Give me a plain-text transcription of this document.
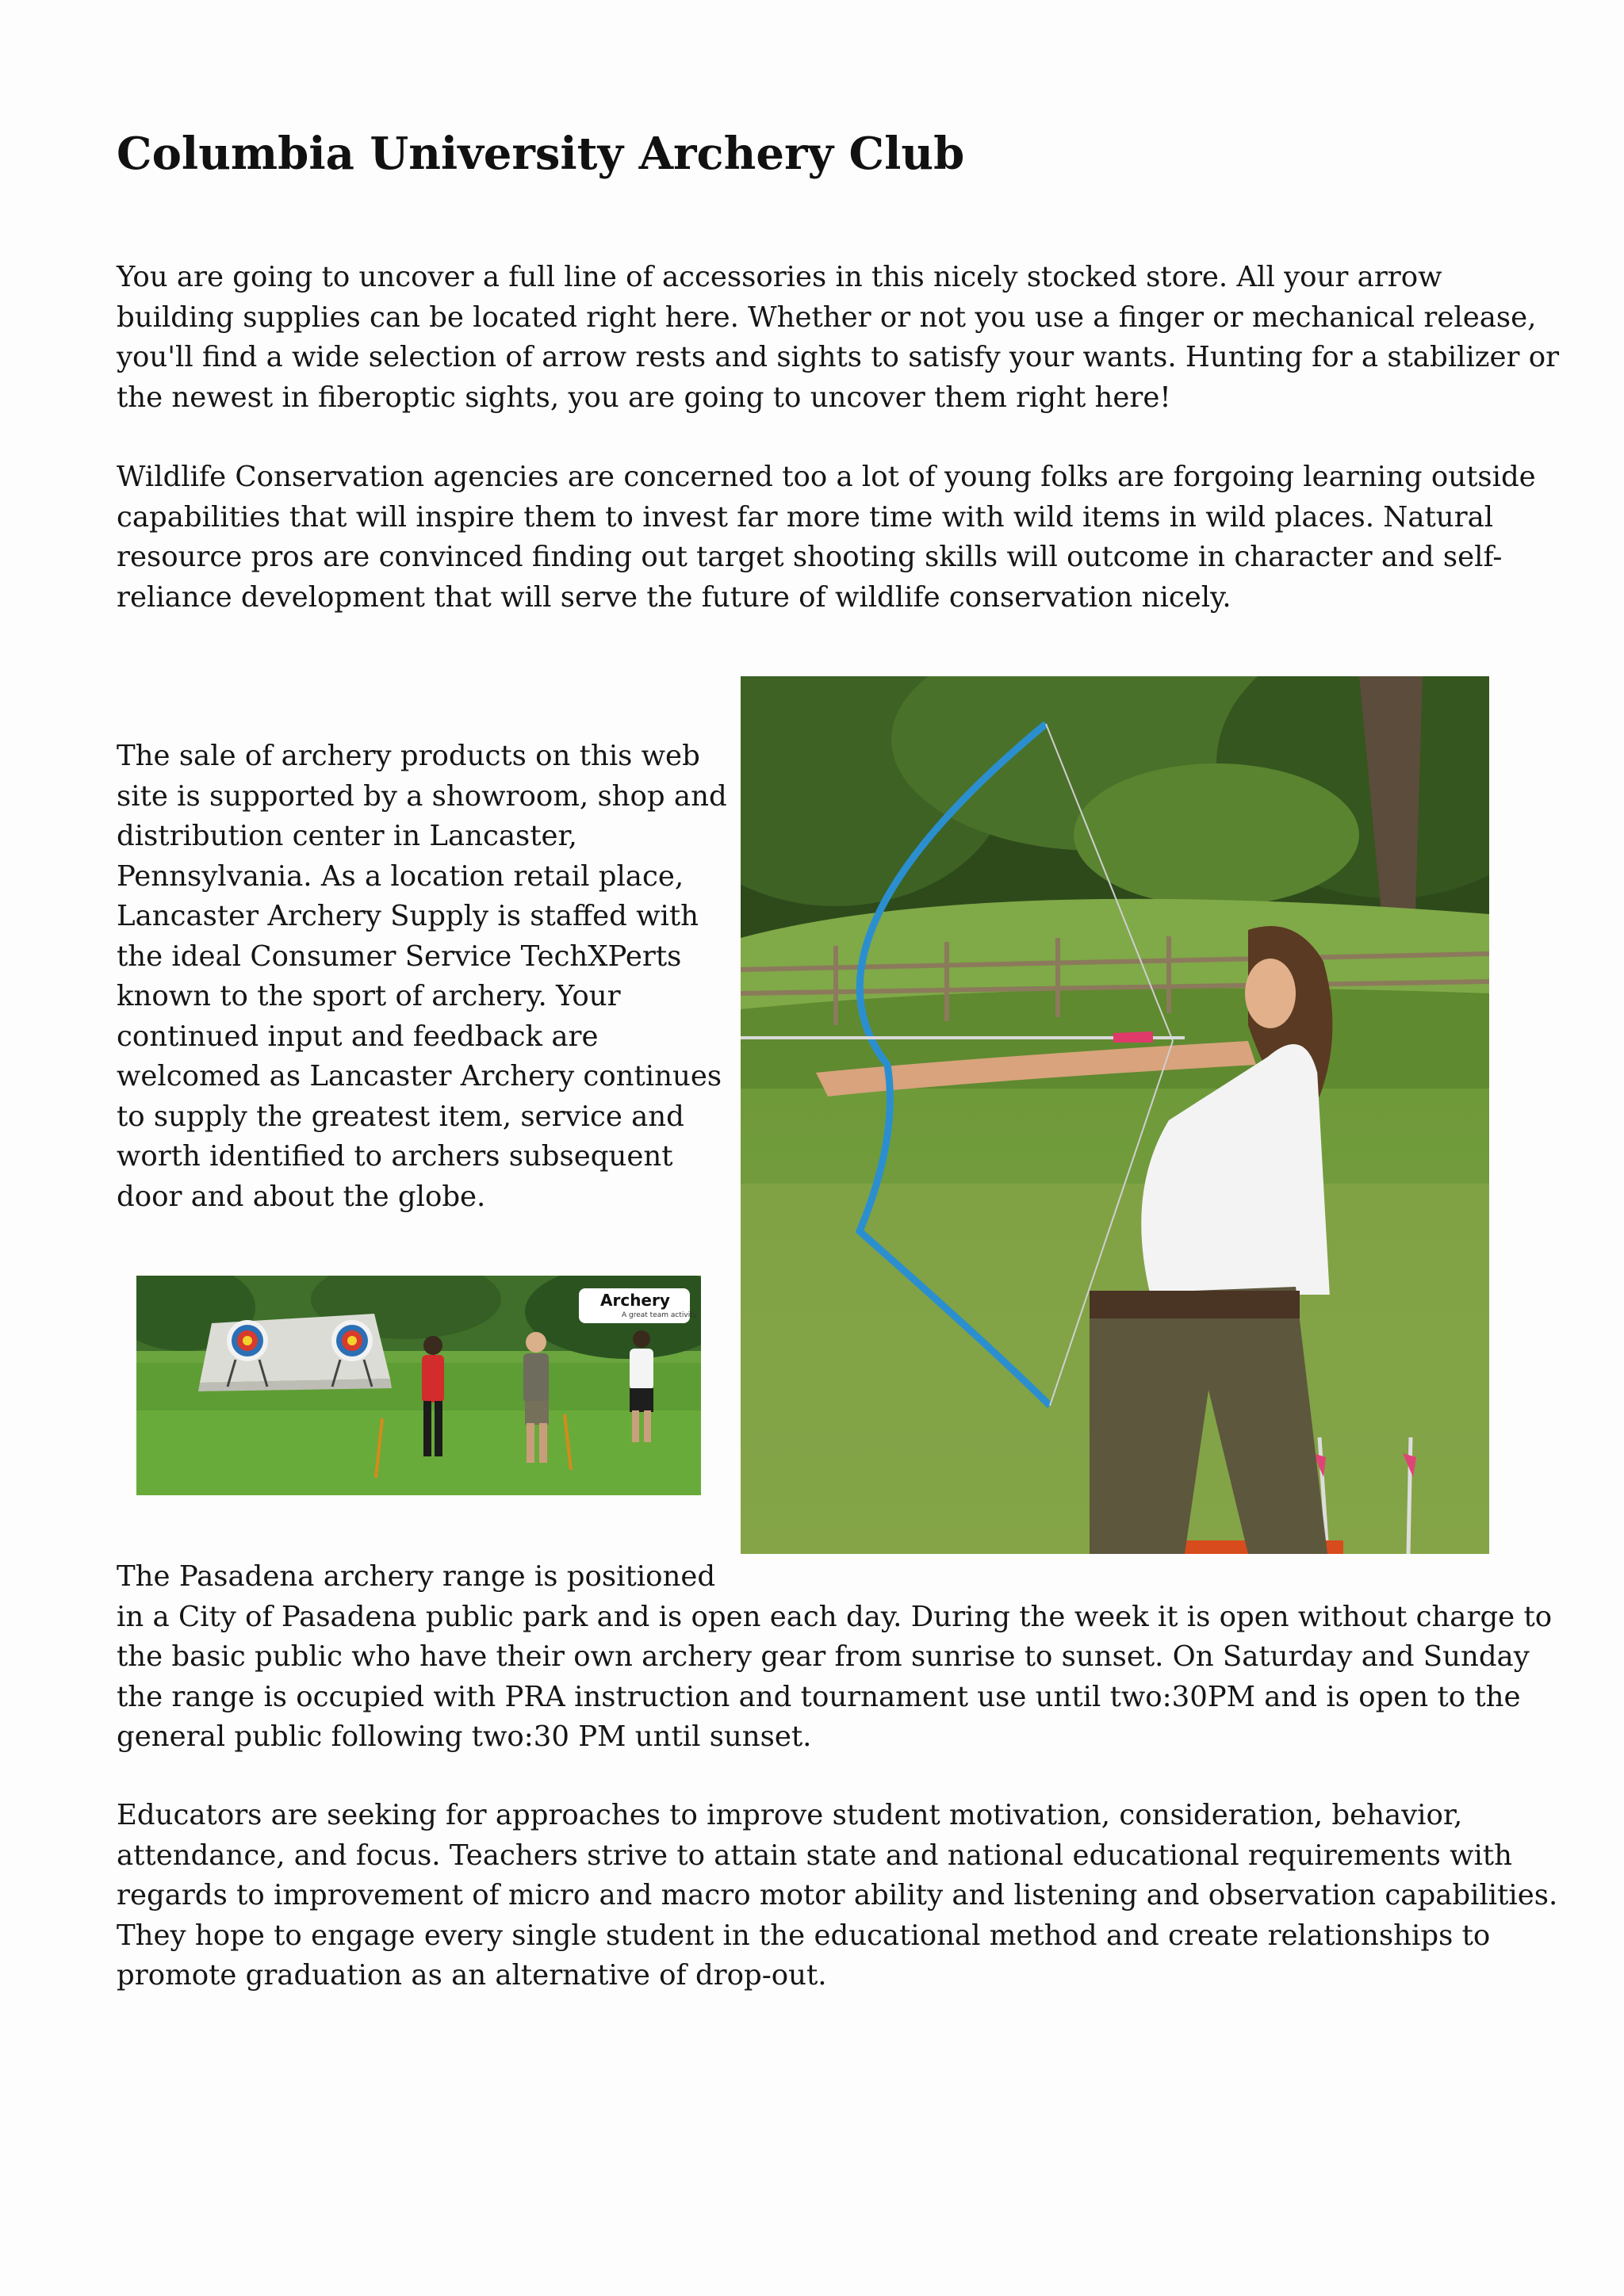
Columbia University Archery Club

You are going to uncover a full line of accessories in this nicely stocked store. All your arrow
building supplies can be located right here. Whether or not you use a finger or mechanical release,
you'll find a wide selection of arrow rests and sights to satisfy your wants. Hunting for a stabilizer or
the newest in fiberoptic sights, you are going to uncover them right here!

Wildlife Conservation agencies are concerned too a lot of young folks are forgoing learning outside
capabilities that will inspire them to invest far more time with wild items in wild places. Natural
resource pros are convinced finding out target shooting skills will outcome in character and self-
reliance development that will serve the future of wildlife conservation nicely.

The sale of archery products on this web
site is supported by a showroom, shop and
distribution center in Lancaster,
Pennsylvania. As a location retail place,
Lancaster Archery Supply is staffed with
the ideal Consumer Service TechXPerts
known to the sport of archery. Your
continued input and feedback are
welcomed as Lancaster Archery continues
to supply the greatest item, service and
worth identified to archers subsequent
door and about the globe.

Archery
A great team activity

The Pasadena archery range is positioned
in a City of Pasadena public park and is open each day. During the week it is open without charge to
the basic public who have their own archery gear from sunrise to sunset. On Saturday and Sunday
the range is occupied with PRA instruction and tournament use until two:30PM and is open to the
general public following two:30 PM until sunset.

Educators are seeking for approaches to improve student motivation, consideration, behavior,
attendance, and focus. Teachers strive to attain state and national educational requirements with
regards to improvement of micro and macro motor ability and listening and observation capabilities.
They hope to engage every single student in the educational method and create relationships to
promote graduation as an alternative of drop-out.
